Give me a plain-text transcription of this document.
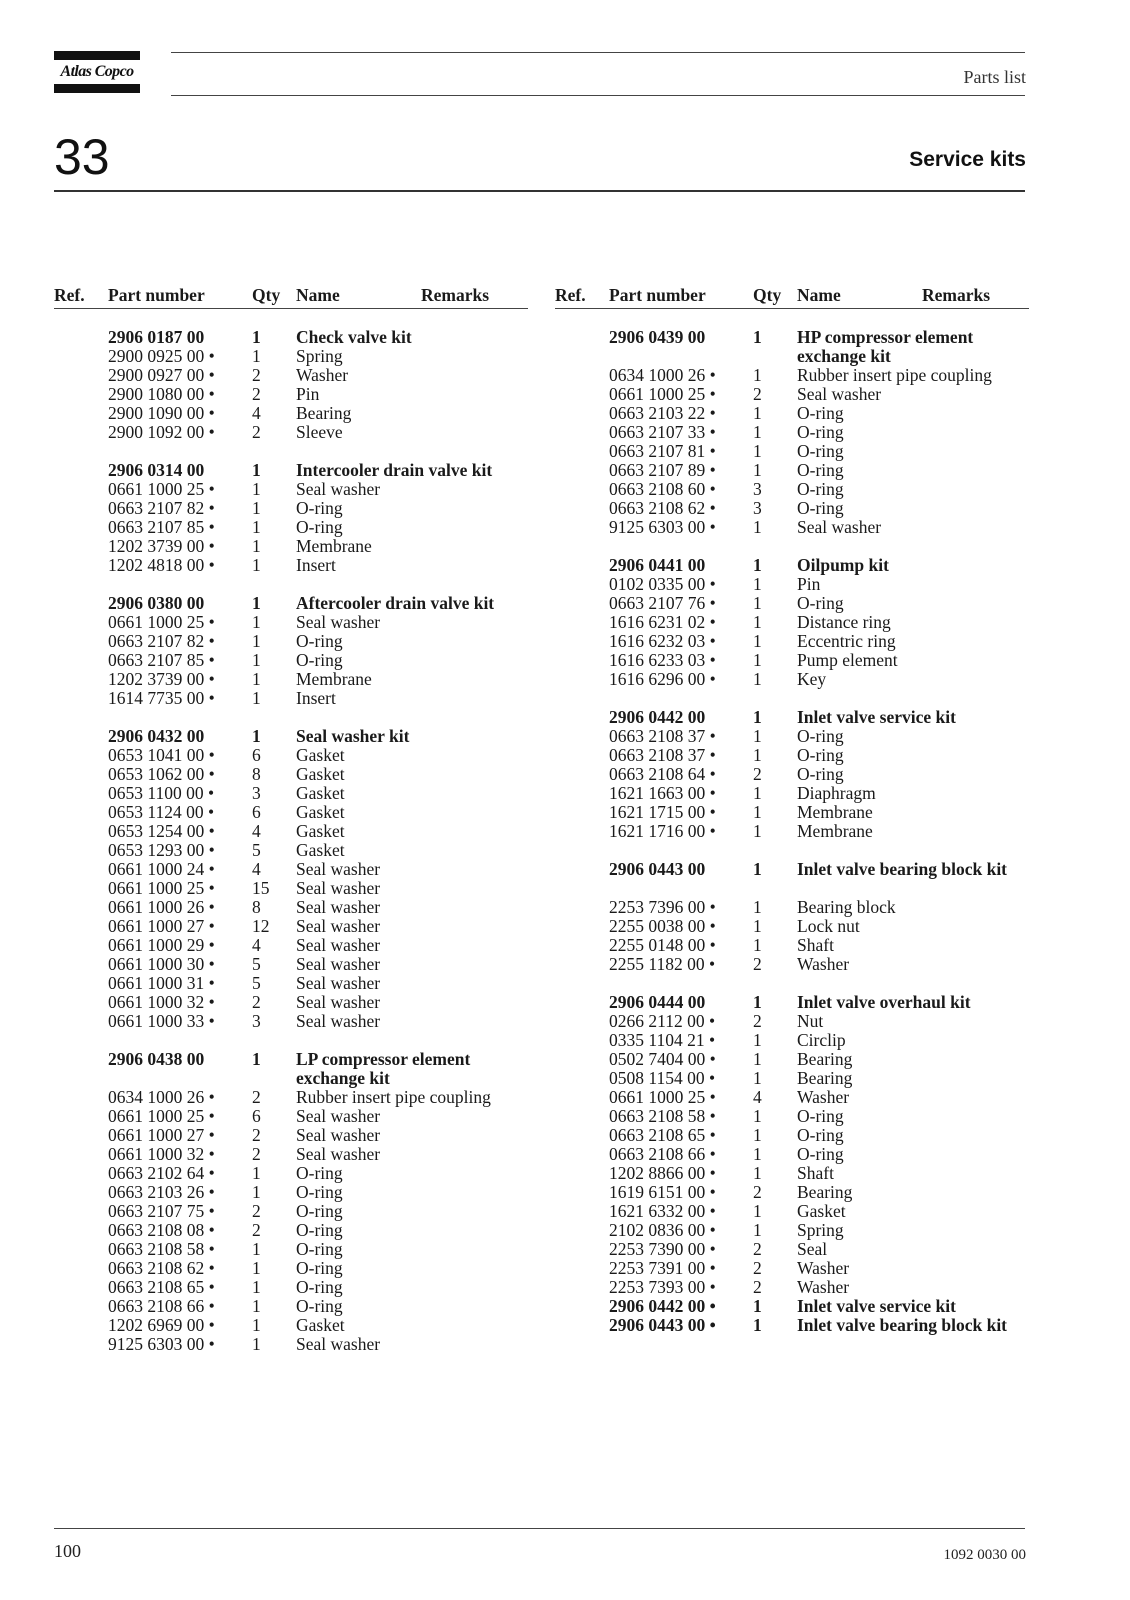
Atlas Copco	Parts list
33	Service kits
Ref. Part number	Qty Name	Remarks
2906 0187 00	1 Check valve kit
2900 0925 00 • 1 Spring
2900 0927 00 • 2 Washer
2900 1080 00 • 2 Pin
2900 1090 00 • 4 Bearing
2900 1092 00 • 2 Sleeve
2906 0314 00	1 Intercooler drain valve kit
0661 1000 25 • 1 Seal washer
0663 2107 82 • 1 O-ring
0663 2107 85 • 1 O-ring
1202 3739 00 • 1 Membrane
1202 4818 00 • 1 Insert
2906 0380 00	1 Aftercooler drain valve kit
0661 1000 25 • 1 Seal washer
0663 2107 82 • 1 O-ring
0663 2107 85 • 1 O-ring
1202 3739 00 • 1 Membrane
1614 7735 00 • 1 Insert
2906 0432 00	1 Seal washer kit
0653 1041 00 • 6 Gasket
0653 1062 00 • 8 Gasket
0653 1100 00 • 3 Gasket
0653 1124 00 • 6 Gasket
0653 1254 00 • 4 Gasket
0653 1293 00 • 5 Gasket
0661 1000 24 • 4 Seal washer
0661 1000 25 • 15 Seal washer
0661 1000 26 • 8 Seal washer
0661 1000 27 • 12 Seal washer
0661 1000 29 • 4 Seal washer
0661 1000 30 • 5 Seal washer
0661 1000 31 • 5 Seal washer
0661 1000 32 • 2 Seal washer
0661 1000 33 • 3 Seal washer
2906 0438 00	1 LP compressor element exchange kit
0634 1000 26 • 2 Rubber insert pipe coupling
0661 1000 25 • 6 Seal washer
0661 1000 27 • 2 Seal washer
0661 1000 32 • 2 Seal washer
0663 2102 64 • 1 O-ring
0663 2103 26 • 1 O-ring
0663 2107 75 • 2 O-ring
0663 2108 08 • 2 O-ring
0663 2108 58 • 1 O-ring
0663 2108 62 • 1 O-ring
0663 2108 65 • 1 O-ring
0663 2108 66 • 1 O-ring
1202 6969 00 • 1 Gasket
9125 6303 00 • 1 Seal washer
Ref. Part number	Qty Name	Remarks
2906 0439 00	1 HP compressor element exchange kit
0634 1000 26 • 1 Rubber insert pipe coupling
0661 1000 25 • 2 Seal washer
0663 2103 22 • 1 O-ring
0663 2107 33 • 1 O-ring
0663 2107 81 • 1 O-ring
0663 2107 89 • 1 O-ring
0663 2108 60 • 3 O-ring
0663 2108 62 • 3 O-ring
9125 6303 00 • 1 Seal washer
2906 0441 00	1 Oilpump kit
0102 0335 00 • 1 Pin
0663 2107 76 • 1 O-ring
1616 6231 02 • 1 Distance ring
1616 6232 03 • 1 Eccentric ring
1616 6233 03 • 1 Pump element
1616 6296 00 • 1 Key
2906 0442 00	1 Inlet valve service kit
0663 2108 37 • 1 O-ring
0663 2108 37 • 1 O-ring
0663 2108 64 • 2 O-ring
1621 1663 00 • 1 Diaphragm
1621 1715 00 • 1 Membrane
1621 1716 00 • 1 Membrane
2906 0443 00	1 Inlet valve bearing block kit
2253 7396 00 • 1 Bearing block
2255 0038 00 • 1 Lock nut
2255 0148 00 • 1 Shaft
2255 1182 00 • 2 Washer
2906 0444 00	1 Inlet valve overhaul kit
0266 2112 00 • 2 Nut
0335 1104 21 • 1 Circlip
0502 7404 00 • 1 Bearing
0508 1154 00 • 1 Bearing
0661 1000 25 • 4 Washer
0663 2108 58 • 1 O-ring
0663 2108 65 • 1 O-ring
0663 2108 66 • 1 O-ring
1202 8866 00 • 1 Shaft
1619 6151 00 • 2 Bearing
1621 6332 00 • 1 Gasket
2102 0836 00 • 1 Spring
2253 7390 00 • 2 Seal
2253 7391 00 • 2 Washer
2253 7393 00 • 2 Washer
2906 0442 00 • 1 Inlet valve service kit
2906 0443 00 • 1 Inlet valve bearing block kit
100	1092 0030 00
